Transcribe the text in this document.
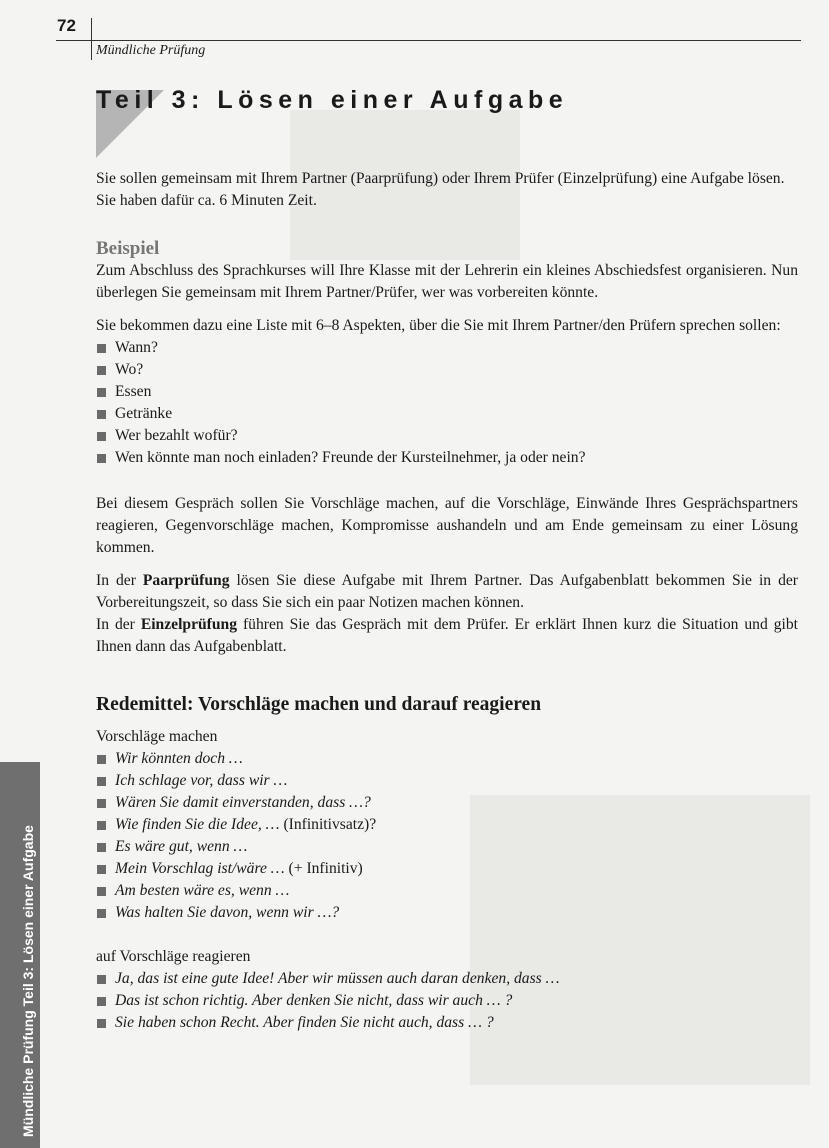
Mündliche Prüfung Teil 3: Lösen einer Aufgabe
72
Mündliche Prüfung
Teil 3: Lösen einer Aufgabe

Sie sollen gemeinsam mit Ihrem Partner (Paarprüfung) oder Ihrem Prüfer (Einzelprüfung) eine Aufgabe lösen.

Sie haben dafür ca. 6 Minuten Zeit.

Beispiel

Zum Abschluss des Sprachkurses will Ihre Klasse mit der Lehrerin ein kleines Abschiedsfest organisieren. Nun überlegen Sie gemeinsam mit Ihrem Partner/Prüfer, wer was vorbereiten könnte.

Sie bekommen dazu eine Liste mit 6–8 Aspekten, über die Sie mit Ihrem Partner/den Prüfern sprechen sollen:

Wann?
Wo?
Essen
Getränke
Wer bezahlt wofür?
Wen könnte man noch einladen? Freunde der Kursteilnehmer, ja oder nein?

Bei diesem Gespräch sollen Sie Vorschläge machen, auf die Vorschläge, Einwände Ihres Gesprächspartners reagieren, Gegenvorschläge machen, Kompromisse aushandeln und am Ende gemeinsam zu einer Lösung kommen.

In der Paarprüfung lösen Sie diese Aufgabe mit Ihrem Partner. Das Aufgabenblatt bekommen Sie in der Vorbereitungszeit, so dass Sie sich ein paar Notizen machen können.

In der Einzelprüfung führen Sie das Gespräch mit dem Prüfer. Er erklärt Ihnen kurz die Situation und gibt Ihnen dann das Aufgabenblatt.

Redemittel: Vorschläge machen und darauf reagieren

Vorschläge machen

Wir könnten doch …
Ich schlage vor, dass wir …
Wären Sie damit einverstanden, dass …?
Wie finden Sie die Idee, … (Infinitivsatz)?
Es wäre gut, wenn …
Mein Vorschlag ist/wäre … (+ Infinitiv)
Am besten wäre es, wenn …
Was halten Sie davon, wenn wir …?

auf Vorschläge reagieren

Ja, das ist eine gute Idee! Aber wir müssen auch daran denken, dass …
Das ist schon richtig. Aber denken Sie nicht, dass wir auch … ?
Sie haben schon Recht. Aber finden Sie nicht auch, dass … ?
